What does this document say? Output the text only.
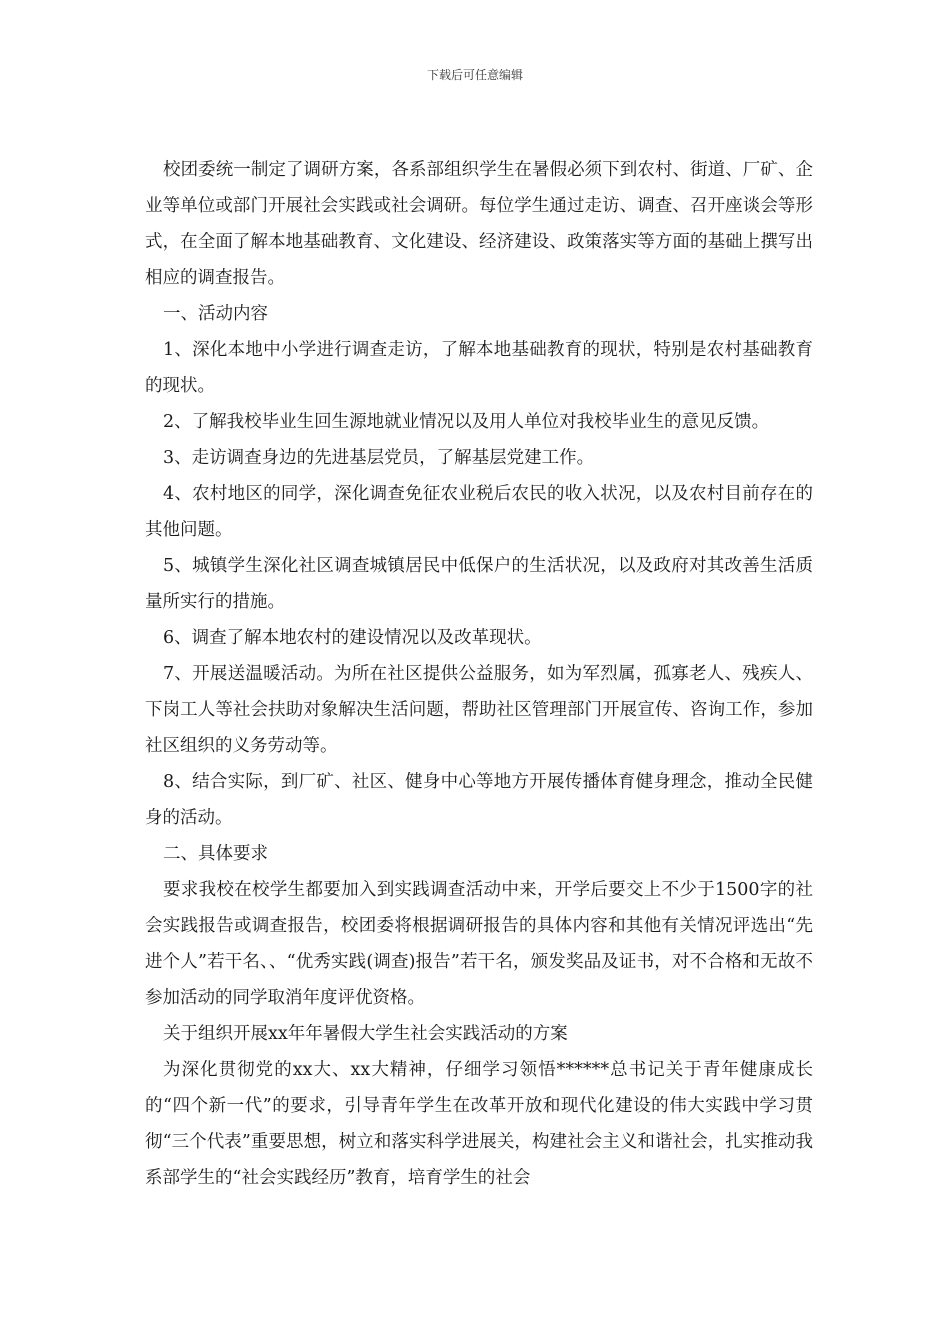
下载后可任意编辑

校团委统一制定了调研方案，各系部组织学生在暑假必须下到农村、街道、厂矿、企业等单位或部门开展社会实践或社会调研。每位学生通过走访、调查、召开座谈会等形式，在全面了解本地基础教育、文化建设、经济建设、政策落实等方面的基础上撰写出相应的调查报告。

一、活动内容

1、深化本地中小学进行调查走访，了解本地基础教育的现状，特别是农村基础教育的现状。

2、了解我校毕业生回生源地就业情况以及用人单位对我校毕业生的意见反馈。

3、走访调查身边的先进基层党员，了解基层党建工作。

4、农村地区的同学，深化调查免征农业税后农民的收入状况，以及农村目前存在的其他问题。

5、城镇学生深化社区调查城镇居民中低保户的生活状况，以及政府对其改善生活质量所实行的措施。

6、调查了解本地农村的建设情况以及改革现状。

7、开展送温暖活动。为所在社区提供公益服务，如为军烈属，孤寡老人、残疾人、下岗工人等社会扶助对象解决生活问题，帮助社区管理部门开展宣传、咨询工作，参加社区组织的义务劳动等。

8、结合实际，到厂矿、社区、健身中心等地方开展传播体育健身理念，推动全民健身的活动。

二、具体要求

要求我校在校学生都要加入到实践调查活动中来，开学后要交上不少于1500字的社会实践报告或调查报告，校团委将根据调研报告的具体内容和其他有关情况评选出“先进个人”若干名、、“优秀实践(调查)报告”若干名，颁发奖品及证书，对不合格和无故不参加活动的同学取消年度评优资格。

关于组织开展xx年年暑假大学生社会实践活动的方案

为深化贯彻党的xx大、xx大精神，仔细学习领悟******总书记关于青年健康成长的“四个新一代”的要求，引导青年学生在改革开放和现代化建设的伟大实践中学习贯彻“三个代表”重要思想，树立和落实科学进展关，构建社会主义和谐社会，扎实推动我系部学生的“社会实践经历”教育，培育学生的社会
